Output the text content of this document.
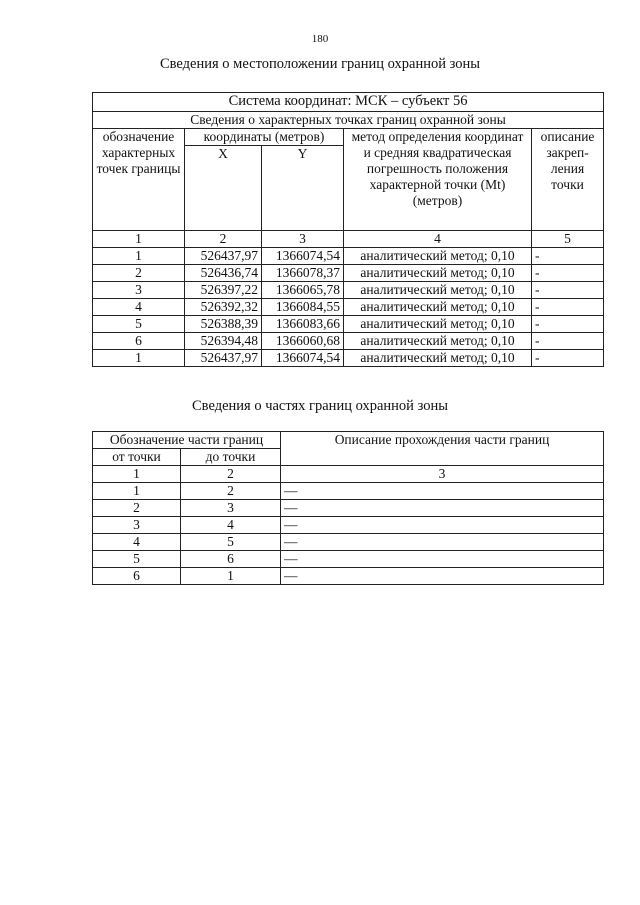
180
Сведения о местоположении границ охранной зоны
Система координат: МСК – субъект 56				
Сведения о характерных точках границ охранной зоны				
обозначение характерных точек границы	координаты (метров)		метод определения координат и средняя квадратическая погрешность положения характерной точки (Mt) (метров)	описание закреп-ления точки
	X	Y		
1	2	3	4	5
1	526437,97	1366074,54	аналитический метод; 0,10	-
2	526436,74	1366078,37	аналитический метод; 0,10	-
3	526397,22	1366065,78	аналитический метод; 0,10	-
4	526392,32	1366084,55	аналитический метод; 0,10	-
5	526388,39	1366083,66	аналитический метод; 0,10	-
6	526394,48	1366060,68	аналитический метод; 0,10	-
1	526437,97	1366074,54	аналитический метод; 0,10	-
Сведения о частях границ охранной зоны
Обозначение части границ		Описание прохождения части границ
от точки	до точки	
1	2	3
1	2	—
2	3	—
3	4	—
4	5	—
5	6	—
6	1	—
